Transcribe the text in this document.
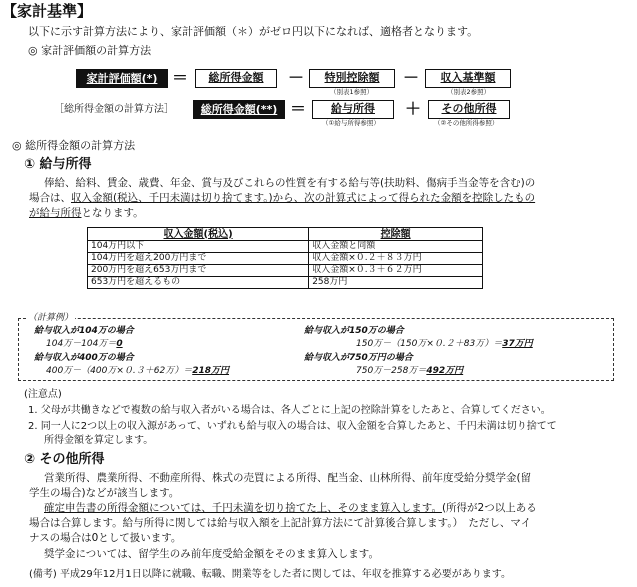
【家計基準】
以下に示す計算方法により、家計評価額（＊）がゼロ円以下になれば、適格者となります。
◎ 家計評価額の計算方法
家計評価額(*) ＝	総所得金額	－	特別控除額
（別表1参照）
－	収入基準額
（別表2参照）
［総所得金額の計算方法］	総所得金額(**) ＝	給与所得
（①給与所得参照）
＋	その他所得
（②その他所得参照）
◎ 総所得金額の計算方法
① 給与所得
俸給、給料、賃金、歳費、年金、賞与及びこれらの性質を有する給与等(扶助料、傷病手当金等を含む)の
場合は、収入金額(税込、千円未満は切り捨てます。)から、次の計算式によって得られた金額を控除したもの
が給与所得となります。
収入金額(税込)	控除額
104万円以下	収入金額と同額
104万円を超え200万円まで	収入金額×０.２＋８３万円
200万円を超え653万円まで	収入金額×０.３＋６２万円
653万円を超えるもの	258万円
（計算例）
給与収入が104万の場合
104万－104万＝0
給与収入が400万の場合
400万－（400万×０.３＋62万）＝218万円
給与収入が150万の場合
150万－（150万×０.２＋83万）＝37万円
給与収入が750万円の場合
750万－258万＝492万円
(注意点)
1. 父母が共働きなどで複数の給与収入者がいる場合は、各人ごとに上記の控除計算をしたあと、合算してください。
2. 同一人に2つ以上の収入源があって、いずれも給与収入の場合は、収入金額を合算したあと、千円未満は切り捨てて
所得金額を算定します。
② その他所得
営業所得、農業所得、不動産所得、株式の売買による所得、配当金、山林所得、前年度受給分奨学金(留
学生の場合)などが該当します。
確定申告書の所得金額については、千円未満を切り捨てた上、そのまま算入します。(所得が2つ以上ある
場合は合算します。給与所得に関しては給与収入額を上記計算方法にて計算後合算します。）　ただし、マイ
ナスの場合は0として扱います。
奨学金については、留学生のみ前年度受給金額をそのまま算入します。
(備考) 平成29年12月1日以降に就職、転職、開業等をした者に関しては、年収を推算する必要があります。
